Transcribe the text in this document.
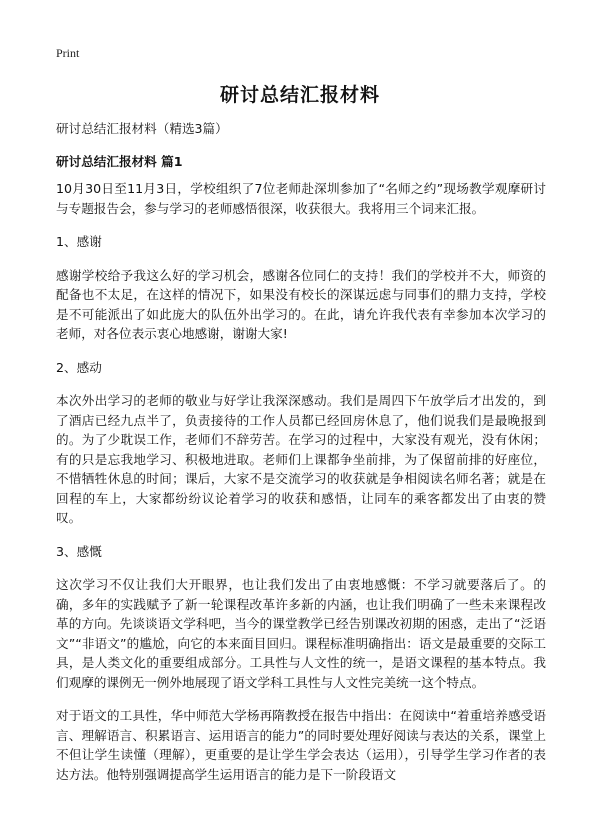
Print
研讨总结汇报材料

研讨总结汇报材料（精选3篇）

研讨总结汇报材料 篇1

10月30日至11月3日，学校组织了7位老师赴深圳参加了“名师之约”现场教学观摩研讨与专题报告会，参与学习的老师感悟很深，收获很大。我将用三个词来汇报。

1、感谢

感谢学校给予我这么好的学习机会，感谢各位同仁的支持！我们的学校并不大，师资的配备也不太足，在这样的情况下，如果没有校长的深谋远虑与同事们的鼎力支持，学校是不可能派出了如此庞大的队伍外出学习的。在此，请允许我代表有幸参加本次学习的老师，对各位表示衷心地感谢，谢谢大家!

2、感动

本次外出学习的老师的敬业与好学让我深深感动。我们是周四下午放学后才出发的，到了酒店已经九点半了，负责接待的工作人员都已经回房休息了，他们说我们是最晚报到的。为了少耽误工作，老师们不辞劳苦。在学习的过程中，大家没有观光，没有休闲；有的只是忘我地学习、积极地进取。老师们上课都争坐前排，为了保留前排的好座位，不惜牺牲休息的时间；课后，大家不是交流学习的收获就是争相阅读名师名著；就是在回程的车上，大家都纷纷议论着学习的收获和感悟，让同车的乘客都发出了由衷的赞叹。

3、感慨

这次学习不仅让我们大开眼界，也让我们发出了由衷地感慨：不学习就要落后了。的确，多年的实践赋予了新一轮课程改革许多新的内涵，也让我们明确了一些未来课程改革的方向。先谈谈语文学科吧，当今的课堂教学已经告别课改初期的困惑，走出了“泛语文”“非语文”的尴尬，向它的本来面目回归。课程标准明确指出：语文是最重要的交际工具，是人类文化的重要组成部分。工具性与人文性的统一，是语文课程的基本特点。我们观摩的课例无一例外地展现了语文学科工具性与人文性完美统一这个特点。

对于语文的工具性，华中师范大学杨再隋教授在报告中指出：在阅读中“着重培养感受语言、理解语言、积累语言、运用语言的能力”的同时要处理好阅读与表达的关系，课堂上不但让学生读懂（理解），更重要的是让学生学会表达（运用），引导学生学习作者的表达方法。他特别强调提高学生运用语言的能力是下一阶段语文
